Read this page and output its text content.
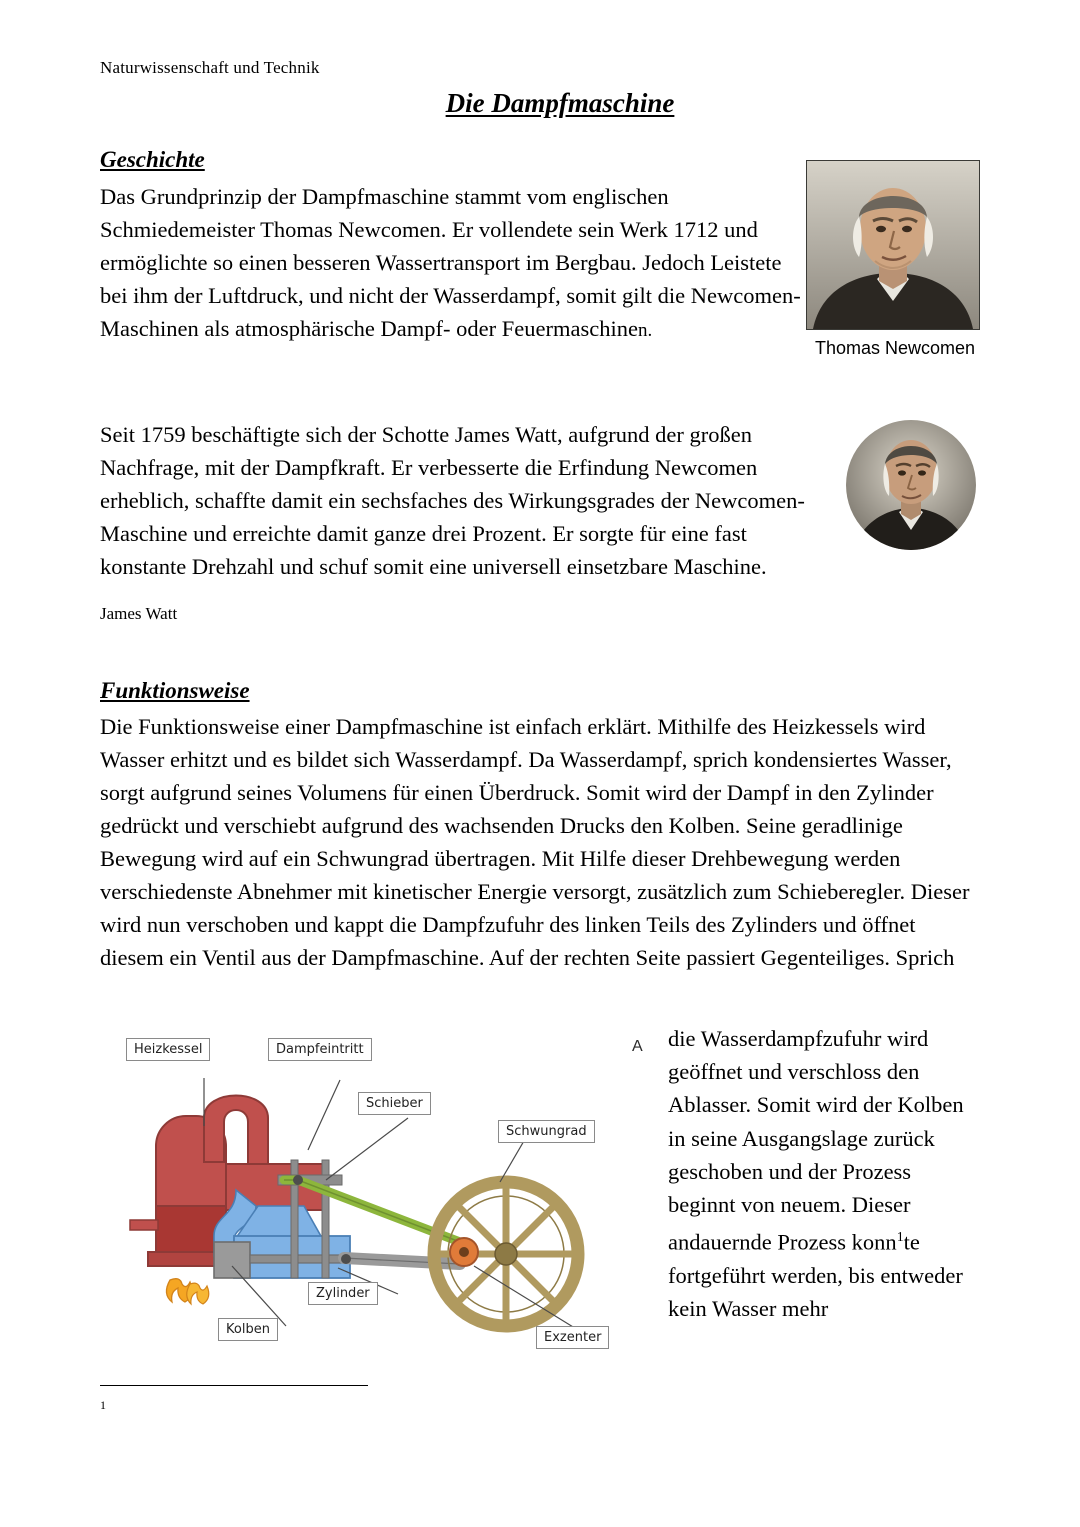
Naturwissenschaft und Technik
Die Dampfmaschine
Geschichte
Das Grundprinzip der Dampfmaschine stammt vom englischen Schmiedemeister Thomas Newcomen. Er vollendete sein Werk 1712 und ermöglichte so einen besseren Wassertransport im Bergbau. Jedoch Leistete bei ihm der Luftdruck, und nicht der Wasserdampf, somit gilt die Newcomen-Maschinen als atmosphärische Dampf- oder Feuermaschinen.
Thomas Newcomen
Seit 1759 beschäftigte sich der Schotte James Watt, aufgrund der großen Nachfrage, mit der Dampfkraft. Er verbesserte die Erfindung Newcomen erheblich, schaffte damit ein sechsfaches des Wirkungsgrades der Newcomen-Maschine und erreichte damit ganze drei Prozent. Er sorgte für eine fast konstante Drehzahl und schuf somit eine universell einsetzbare Maschine.
James Watt
Funktionsweise
Die Funktionsweise einer Dampfmaschine ist einfach erklärt. Mithilfe des Heizkessels wird Wasser erhitzt und es bildet sich Wasserdampf. Da Wasserdampf, sprich kondensiertes Wasser, sorgt aufgrund seines Volumens für einen Überdruck. Somit wird der Dampf in den Zylinder gedrückt und verschiebt aufgrund des wachsenden Drucks den Kolben. Seine geradlinige Bewegung wird auf ein Schwungrad übertragen. Mit Hilfe dieser Drehbewegung werden verschiedenste Abnehmer mit kinetischer Energie versorgt, zusätzlich zum Schieberegler. Dieser wird nun verschoben und kappt die Dampfzufuhr des linken Teils des Zylinders und öffnet diesem ein Ventil aus der Dampfmaschine. Auf der rechten Seite passiert Gegenteiliges. Sprich
A die Wasserdampfzufuhr wird geöffnet und verschloss den Ablasser. Somit wird der Kolben in seine Ausgangslage zurück geschoben und der Prozess beginnt von neuem. Dieser andauernde Prozess konn$^1$te fortgeführt werden, bis entweder kein Wasser mehr
Heizkessel	Dampfeintritt
Schieber
Schwungrad
Zylinder
Kolben
Exzenter
1
